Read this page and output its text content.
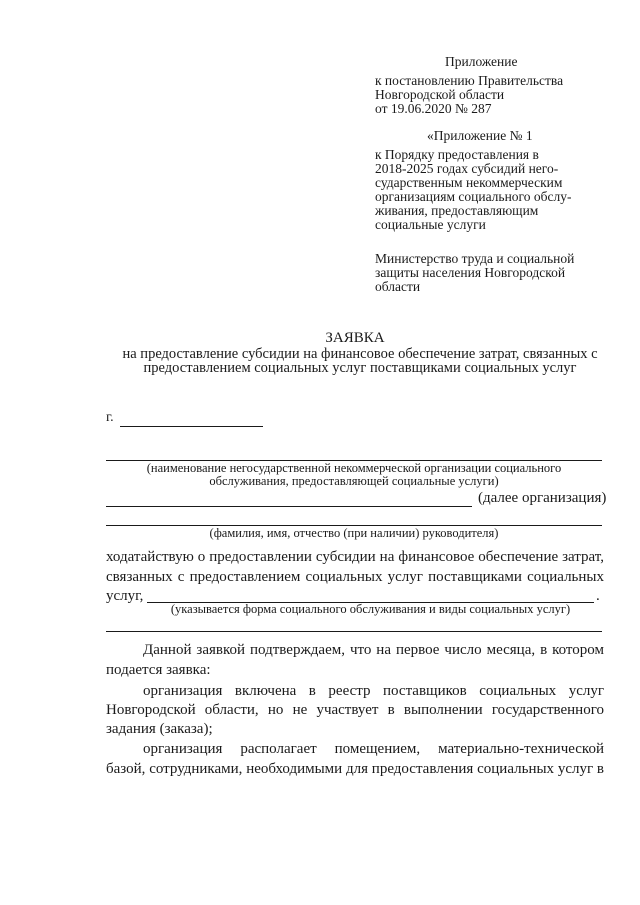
Приложение
к постановлению Правительства
Новгородской области
от 19.06.2020 № 287
«Приложение № 1
к Порядку предоставления в
2018-2025 годах субсидий него-
сударственным некоммерческим
организациям социального обслу-
живания, предоставляющим
социальные услуги
Министерство труда и социальной
защиты населения Новгородской
области
ЗАЯВКА
на предоставление субсидии на финансовое обеспечение затрат, связанных с
предоставлением социальных услуг поставщиками социальных услуг
г.
(наименование негосударственной некоммерческой организации социального
обслуживания, предоставляющей социальные услуги)
(далее организация)
(фамилия, имя, отчество (при наличии) руководителя)
ходатайствую о предоставлении субсидии на финансовое обеспечение затрат,
связанных с предоставлением социальных услуг поставщиками социальных
услуг,	.
(указывается форма социального обслуживания и виды социальных услуг)
Данной заявкой подтверждаем, что на первое число месяца, в котором
подается заявка:
организация включена в реестр поставщиков социальных услуг
Новгородской области, но не участвует в выполнении государственного
задания (заказа);
организация располагает помещением, материально-технической
базой, сотрудниками, необходимыми для предоставления социальных услуг в
